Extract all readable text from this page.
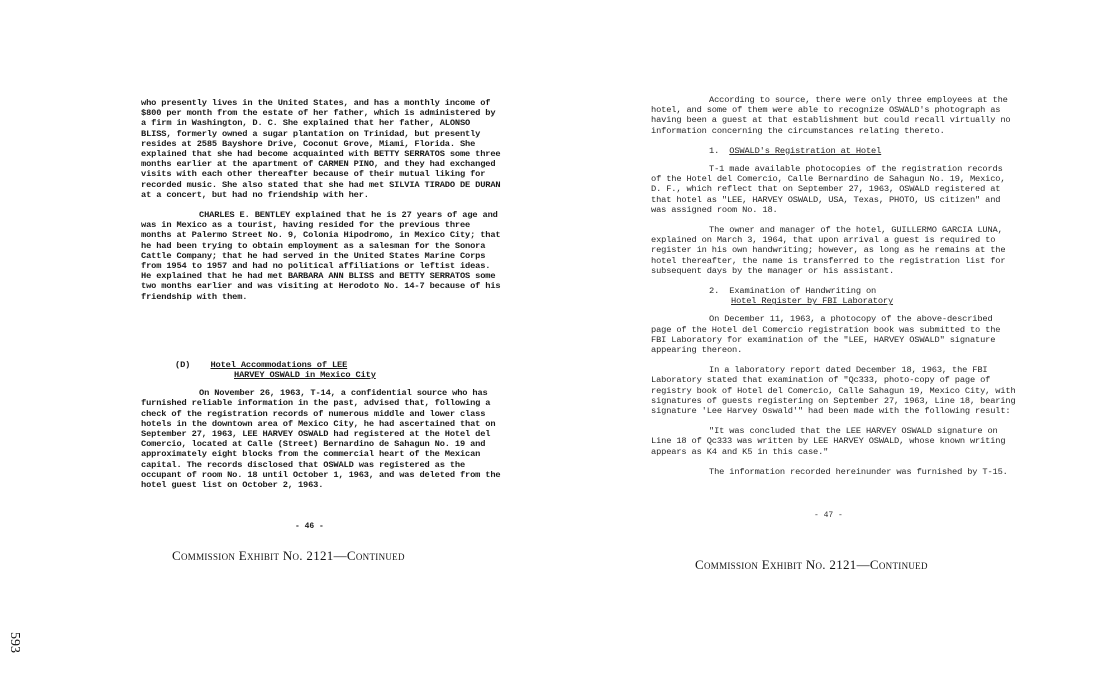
who presently lives in the United States, and has a monthly income of $800 per month from the estate of her father, which is administered by a firm in Washington, D. C. She explained that her father, ALONSO BLISS, formerly owned a sugar plantation on Trinidad, but presently resides at 2585 Bayshore Drive, Coconut Grove, Miami, Florida. She explained that she had become acquainted with BETTY SERRATOS some three months earlier at the apartment of CARMEN PINO, and they had exchanged visits with each other thereafter because of their mutual liking for recorded music. She also stated that she had met SILVIA TIRADO DE DURAN at a concert, but had no friendship with her.

CHARLES E. BENTLEY explained that he is 27 years of age and was in Mexico as a tourist, having resided for the previous three months at Palermo Street No. 9, Colonia Hipodromo, in Mexico City; that he had been trying to obtain employment as a salesman for the Sonora Cattle Company; that he had served in the United States Marine Corps from 1954 to 1957 and had no political affiliations or leftist ideas. He explained that he had met BARBARA ANN BLISS and BETTY SERRATOS some two months earlier and was visiting at Herodoto No. 14-7 because of his friendship with them.

(D) Hotel Accommodations of LEE
HARVEY OSWALD in Mexico City

On November 26, 1963, T-14, a confidential source who has furnished reliable information in the past, advised that, following a check of the registration records of numerous middle and lower class hotels in the downtown area of Mexico City, he had ascertained that on September 27, 1963, LEE HARVEY OSWALD had registered at the Hotel del Comercio, located at Calle (Street) Bernardino de Sahagun No. 19 and approximately eight blocks from the commercial heart of the Mexican capital. The records disclosed that OSWALD was registered as the occupant of room No. 18 until October 1, 1963, and was deleted from the hotel guest list on October 2, 1963.

- 46 -
Commission Exhibit No. 2121—Continued
593

According to source, there were only three employees at the hotel, and some of them were able to recognize OSWALD's photograph as having been a guest at that establishment but could recall virtually no information concerning the circumstances relating thereto.

1. OSWALD's Registration at Hotel

T-1 made available photocopies of the registration records of the Hotel del Comercio, Calle Bernardino de Sahagun No. 19, Mexico, D. F., which reflect that on September 27, 1963, OSWALD registered at that hotel as "LEE, HARVEY OSWALD, USA, Texas, PHOTO, US citizen" and was assigned room No. 18.

The owner and manager of the hotel, GUILLERMO GARCIA LUNA, explained on March 3, 1964, that upon arrival a guest is required to register in his own handwriting; however, as long as he remains at the hotel thereafter, the name is transferred to the registration list for subsequent days by the manager or his assistant.

2. Examination of Handwriting on
Hotel Register by FBI Laboratory

On December 11, 1963, a photocopy of the above-described page of the Hotel del Comercio registration book was submitted to the FBI Laboratory for examination of the "LEE, HARVEY OSWALD" signature appearing thereon.

In a laboratory report dated December 18, 1963, the FBI Laboratory stated that examination of "Qc333, photo-copy of page of registry book of Hotel del Comercio, Calle Sahagun 19, Mexico City, with signatures of guests registering on September 27, 1963, Line 18, bearing signature 'Lee Harvey Oswald'" had been made with the following result:

"It was concluded that the LEE HARVEY OSWALD signature on Line 18 of Qc333 was written by LEE HARVEY OSWALD, whose known writing appears as K4 and K5 in this case."

The information recorded hereinunder was furnished by T-15.

- 47 -
Commission Exhibit No. 2121—Continued
